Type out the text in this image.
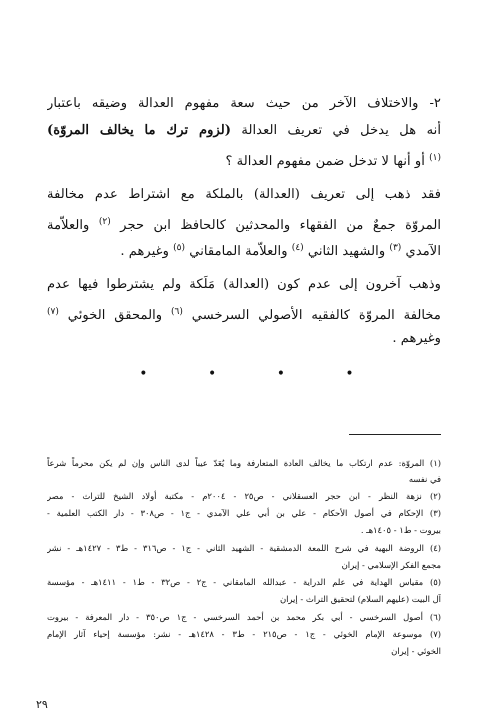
٢- والاختلاف الآخر من حيث سعة مفهوم العدالة وضيقه باعتبار
أنه هل يدخل في تعريف العدالة (لزوم ترك ما يخالف المروّة)
$^{(١)}$ أو أنها لا تدخل ضمن مفهوم العدالة ؟
فقد ذهب إلى تعريف (العدالة) بالملكة مع اشتراط عدم مخالفة
المروّة جمعٌ من الفقهاء والمحدثين كالحافظ ابن حجر $^{(٢)}$ والعلاّمة
الآمدي $^{(٣)}$ والشهيد الثاني $^{(٤)}$ والعلاّمة المامقاني $^{(٥)}$ وغيرهم .
وذهب آخرون إلى عدم كون (العدالة) مَلَكة ولم يشترطوا فيها عدم
مخالفة المروّة كالفقيه الأصولي السرخسي $^{(٦)}$ والمحقق الخوئي $^{(٧)}$
وغيرهم .
• • • •
(١) المروّة: عدم ارتكاب ما يخالف العادة المتعارفة وما يُعَدّ عيباً لدى الناس وإن لم يكن محرماً شرعاً
في نفسه
(٢) نزهة النظر - ابن حجر العسقلاني - ص٢٥ - ٢٠٠٤م - مكتبة أولاد الشيخ للتراث - مصر
(٣) الإحكام في أصول الأحكام - علي بن أبي علي الآمدي - ج١ - ص٣٠٨ - دار الكتب العلمية -
بيروت - ط١ - ١٤٠٥هـ .
(٤) الروضة البهية في شرح اللمعة الدمشقية - الشهيد الثاني - ج١ - ص٣١٦ - ط٣ - ١٤٢٧هـ - نشر
مجمع الفكر الإسلامي - إيران
(٥) مقياس الهداية في علم الدراية - عبدالله المامقاني - ج٢ - ص٣٢ - ط١ - ١٤١١هـ - مؤسسة
آل البيت (عليهم السلام) لتحقيق التراث - إيران
(٦) أصول السرخسي - أبي بكر محمد بن أحمد السرخسي - ج١ ص٣٥٠ - دار المعرفة - بيروت
(٧) موسوعة الإمام الخوئي - ج١ - ص٢١٥ - ط٣ - ١٤٢٨هـ - نشر: مؤسسة إحياء آثار الإمام
الخوئي - إيران
٢٩
